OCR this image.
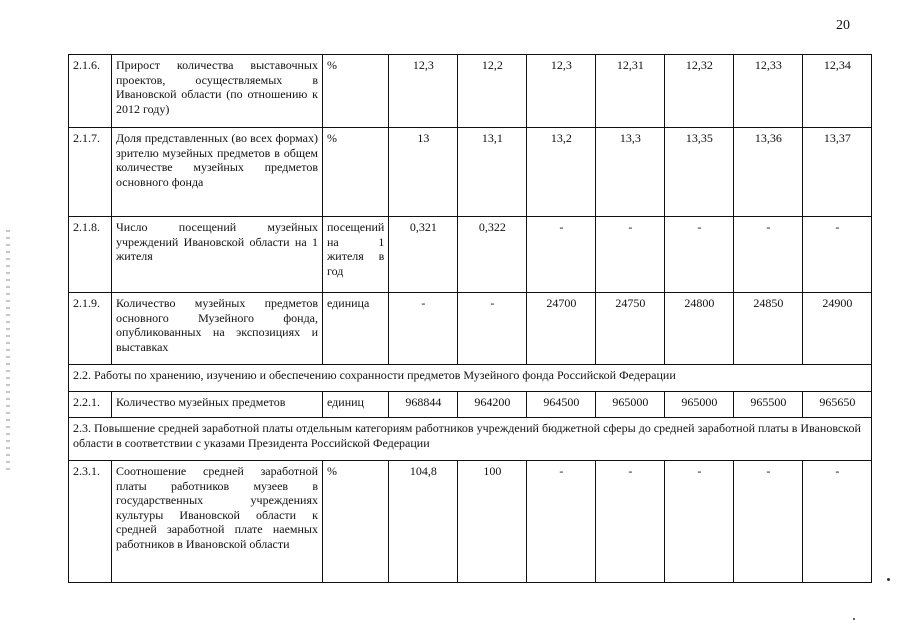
20
2.1.6.	Прирост количества выставочных проектов, осуществляемых в Ивановской области (по отношению к 2012 году)	%	12,3	12,2	12,3	12,31	12,32	12,33	12,34
2.1.7.	Доля представленных (во всех формах) зрителю музейных предметов в общем количестве музейных предметов основного фонда	%	13	13,1	13,2	13,3	13,35	13,36	13,37
2.1.8.	Число посещений музейных учреждений Ивановской области на 1 жителя	посещений на 1 жителя в год	0,321	0,322	-	-	-	-	-
2.1.9.	Количество музейных предметов основного Музейного фонда, опубликованных на экспозициях и выставках	единица	-	-	24700	24750	24800	24850	24900
2.2. Работы по хранению, изучению и обеспечению сохранности предметов Музейного фонда Российской Федерации									
2.2.1.	Количество музейных предметов	единиц	968844	964200	964500	965000	965000	965500	965650
2.3. Повышение средней заработной платы отдельным категориям работников учреждений бюджетной сферы до средней заработной платы в Ивановской области в соответствии с указами Президента Российской Федерации									
2.3.1.	Соотношение средней заработной платы работников музеев в государственных учреждениях культуры Ивановской области к средней заработной плате наемных работников в Ивановской области	%	104,8	100	-	-	-	-	-
